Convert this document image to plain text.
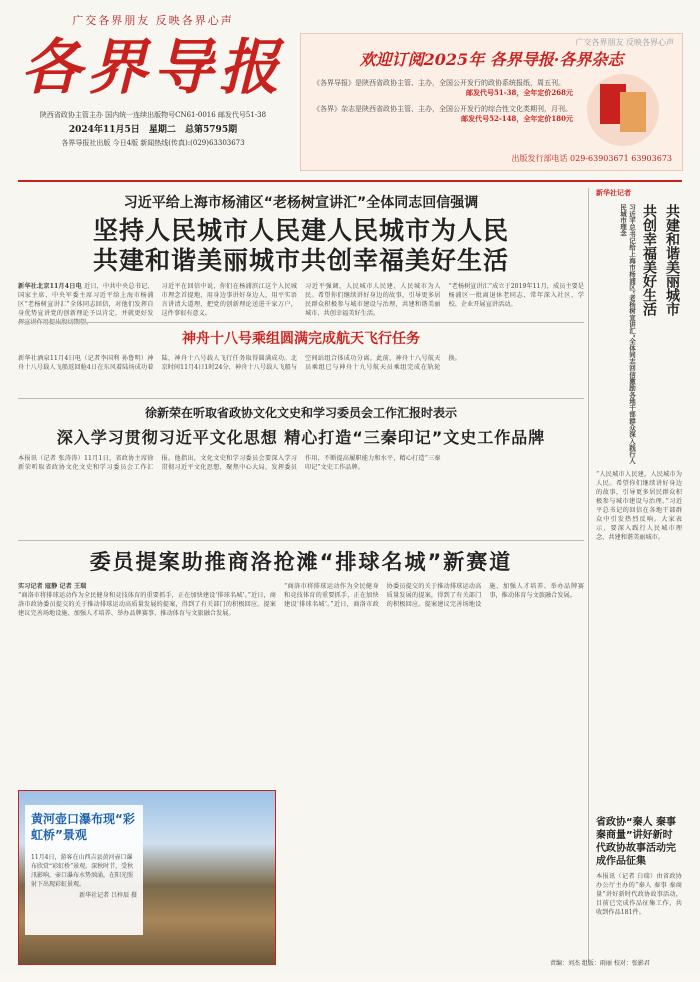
广交各界朋友 反映各界心声
各界导报
陕西省政协主管主办 国内统一连续出版物号CN61-0016 邮发代号51-38
2024年11月5日 星期二 总第5795期
各界导报社出版 今日4版 新闻热线(传真):(029)63303673
广交各界朋友 反映各界心声
欢迎订阅2025年 各界导报·各界杂志
《各界导报》是陕西省政协主管、主办，全国公开发行的政协系统报纸，周五刊。
邮发代号51-38，全年定价268元
《各界》杂志是陕西省政协主管、主办，全国公开发行的综合性文化类期刊，月刊。
邮发代号52-148，全年定价180元
出版发行部电话 029-63903671 63903673
习近平给上海市杨浦区“老杨树宣讲汇”全体同志回信强调
坚持人民城市人民建人民城市为人民
共建和谐美丽城市共创幸福美好生活
新华社北京11月4日电 近日，中共中央总书记、国家主席、中央军委主席习近平给上海市杨浦区“老杨树宣讲汇”全体同志回信，对他们发挥自身优势宣讲党的创新理论予以肯定，并就更好发
习近平在回信中说，你们在杨浦滨江这个人民城市理念首提地，用身边事讲好身边人，用平实语言讲清大道理，把党的创新理论送进千家万户，这件事很有意义。
习近平强调，人民城市人民建、人民城市为人民。希望你们继续讲好身边的故事，引导更多居民群众积极参与城市建设与治理，共建和谐美丽城市、共创幸福美好生活。
“老杨树宣讲汇”成立于2019年11月，成员主要是杨浦区一批离退休老同志，常年深入社区、学校、企业开展宣讲活动。
神舟十八号乘组圆满完成航天飞行任务
新华社酒泉11月4日电（记者李国利 孙鲁明）神舟十八号载人飞船返回舱4日在东风着陆场成功着陆，神舟十八号载人飞行任务取得圆满成功。北京时间11月4日1时24分，神舟十八号载人飞船与空间站组合体成功分离。此前，神舟十八号航天员乘组已与神舟十九号航天员乘组完成在轨轮换。
徐新荣在听取省政协文化文史和学习委员会工作汇报时表示
深入学习贯彻习近平文化思想 精心打造“三秦印记”文史工作品牌
本报讯（记者 张涛涛）11月1日，省政协主席徐新荣听取省政协文化文史和学习委员会工作汇报。他指出，文化文史和学习委员会要深入学习贯彻习近平文化思想，聚焦中心大局，发挥委员作用，不断提高履职能力和水平，精心打造“三秦印记”文史工作品牌。
委员提案助推商洛抢滩“排球名城”新赛道
实习记者 寇静 记者 王瑞
“商洛市将排球运动作为全民健身和竞技体育的重要抓手，正在加快建设‘排球名城’。”近日，商洛市政协委员提交的关于推动排球运动高质量发展的提案，得到了有关部门的积极回应。提案建议完善场地设施、加强人才培养、举办品牌赛事，推动体育与文旅融合发展。
“商洛市将排球运动作为全民健身和竞技体育的重要抓手，正在加快建设‘排球名城’。”近日，商洛市政协委员提交的关于推动排球运动高质量发展的提案，得到了有关部门的积极回应。提案建议完善场地设施、加强人才培养、举办品牌赛事，推动体育与文旅融合发展。
黄河壶口瀑布现“彩虹桥”景观
11月4日，游客在山西吉县黄河壶口瀑布欣赏“彩虹桥”景观。深秋时节，受秋汛影响，壶口瀑布水势汹涌，在阳光照射下出现彩虹景观。
新华社记者 吕梓辰 摄
新华社记者
习近平总书记给上海市杨浦区“老杨树宣讲汇”全体同志回信激励各地干部群众深入践行人民城市理念	共创幸福美好生活 共建和谐美丽城市
“人民城市人民建，人民城市为人民。希望你们继续讲好身边的故事，引导更多居民群众积极参与城市建设与治理。”习近平总书记的回信在各地干部群众中引发热烈反响。大家表示，要深入践行人民城市理念，共建和谐美丽城市。
省政协“秦人 秦事 秦商量”讲好新时代政协故事活动完成作品征集
本报讯（记者 白瑞）由省政协办公厅主办的“秦人 秦事 秦商量”讲好新时代政协故事活动，目前已完成作品征集工作，共收到作品181件。
责编：刘杰 组版：雨丽 校对：张影君
